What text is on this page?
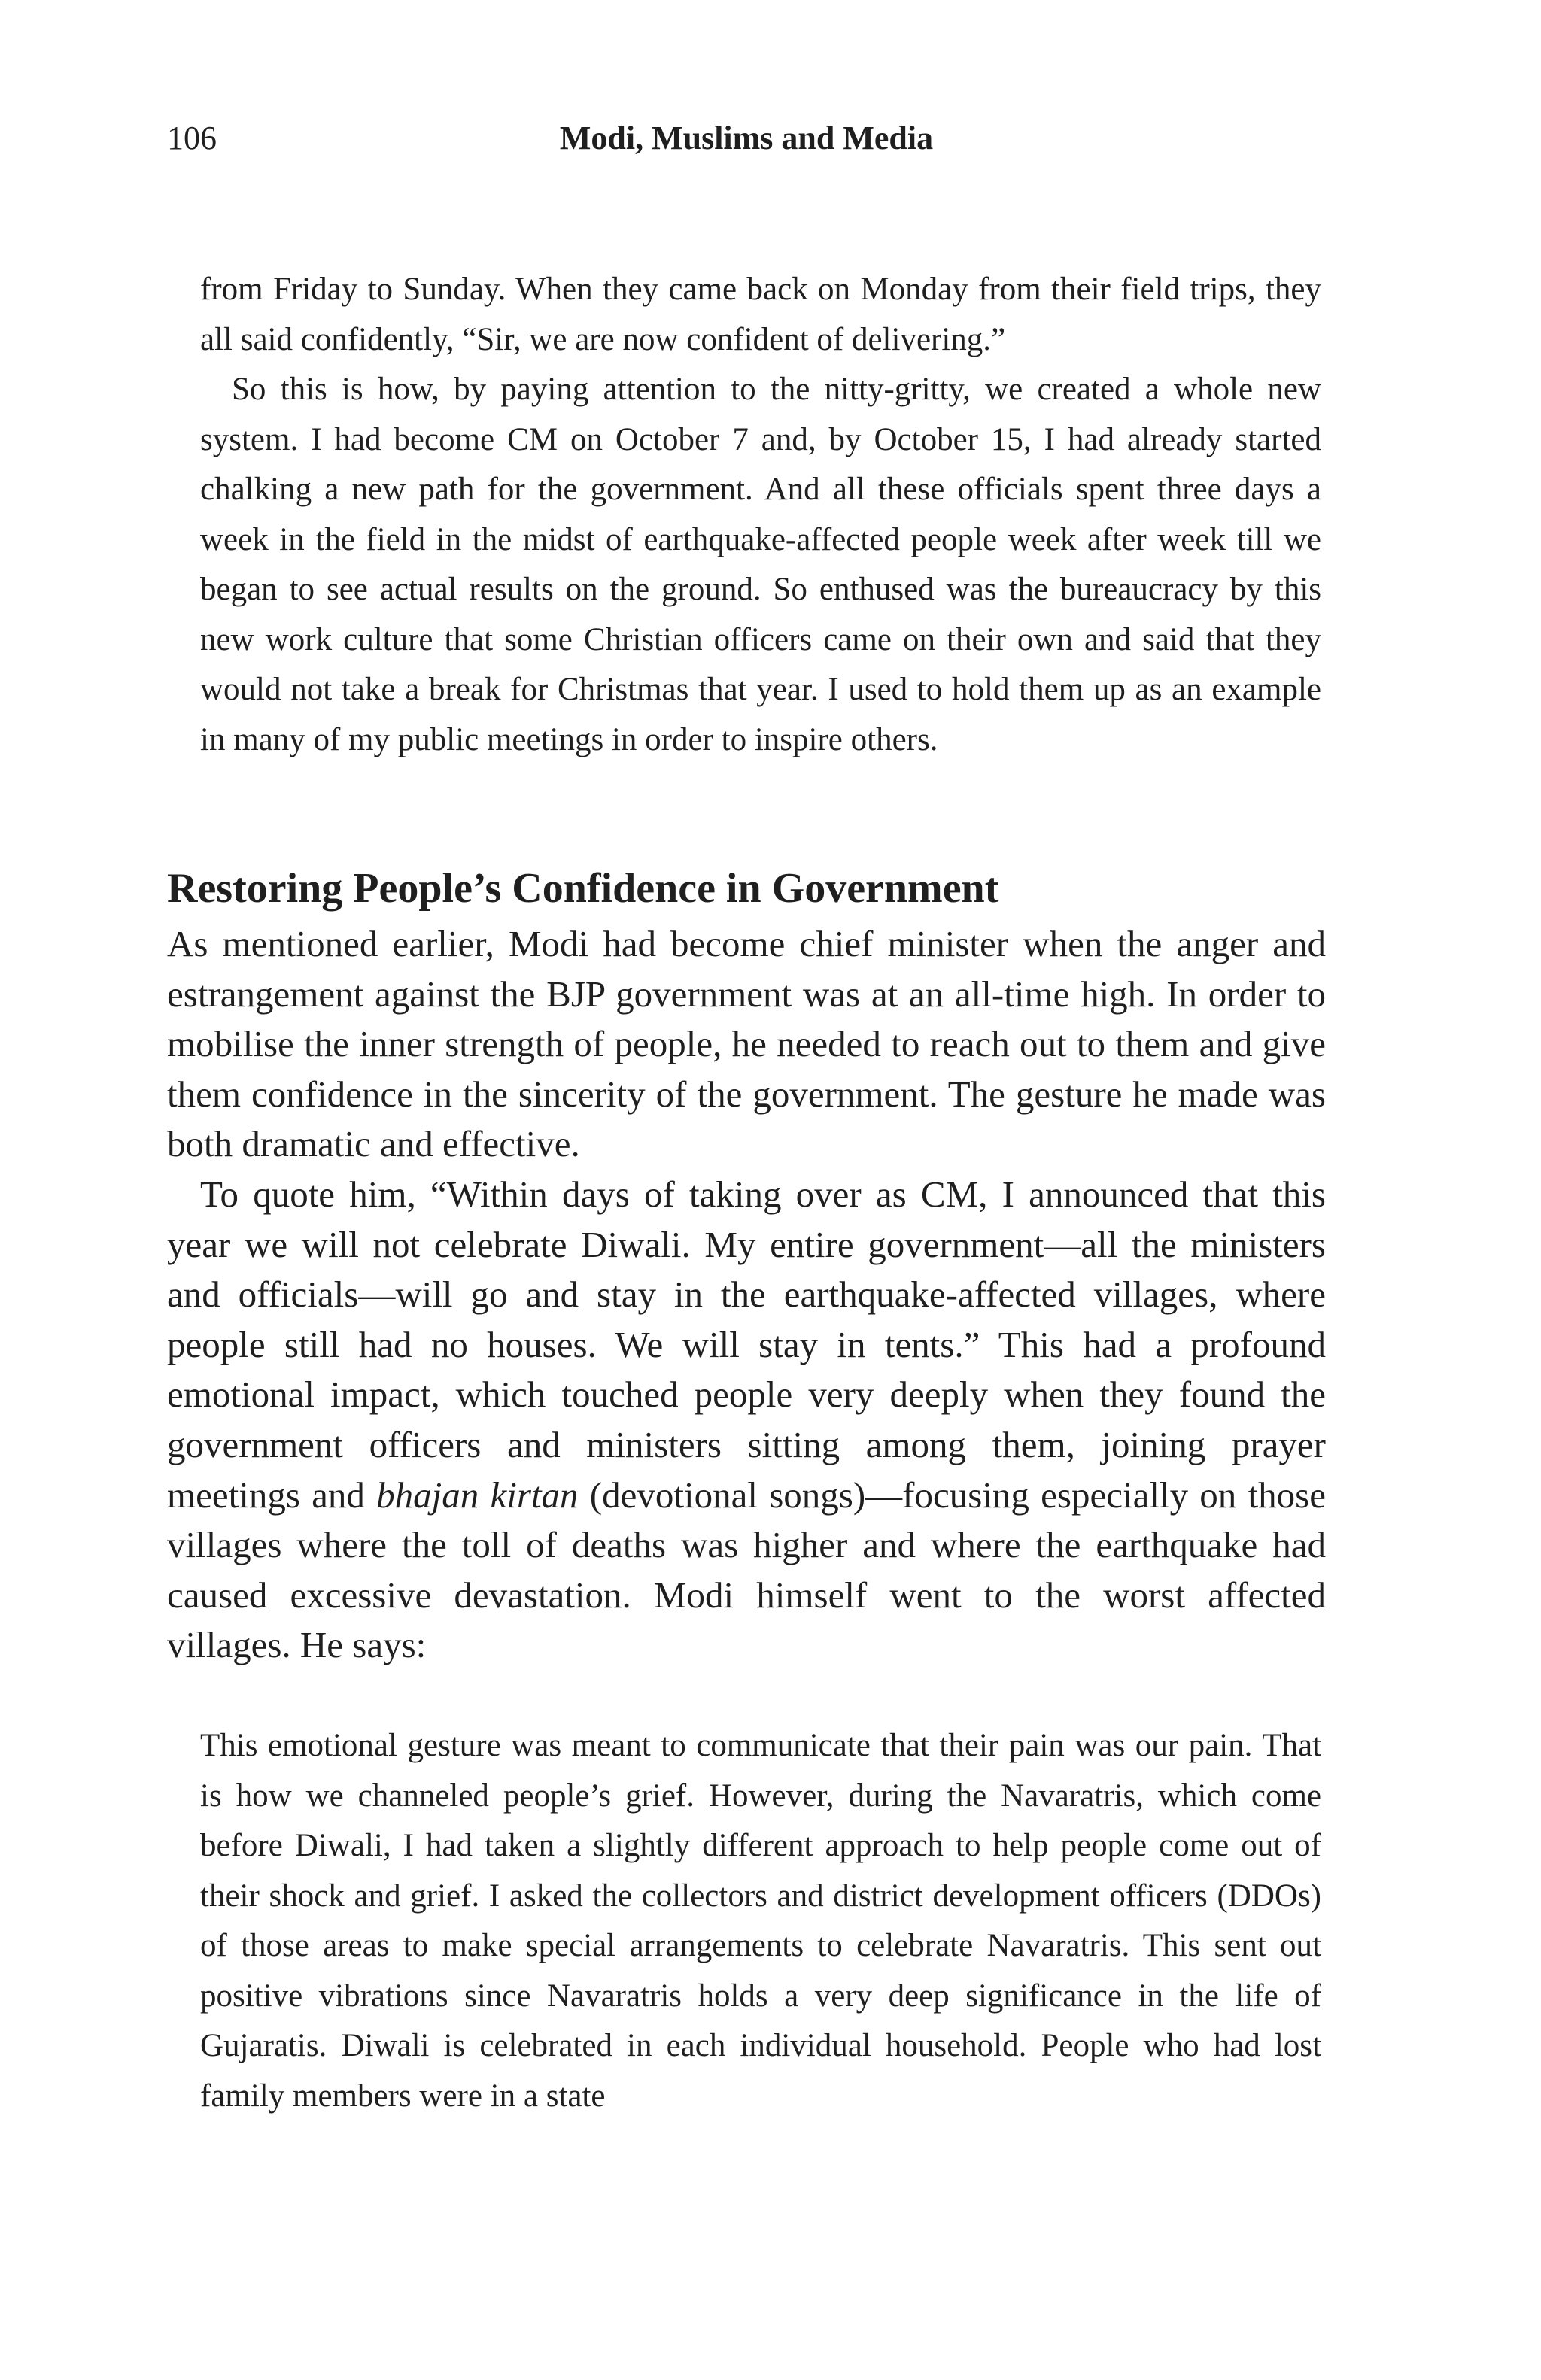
106	Modi, Muslims and Media

from Friday to Sunday. When they came back on Monday from their field trips, they all said confidently, “Sir, we are now confident of delivering.”

So this is how, by paying attention to the nitty-gritty, we created a whole new system. I had become CM on October 7 and, by October 15, I had already started chalking a new path for the government. And all these officials spent three days a week in the field in the midst of earthquake-affected people week after week till we began to see actual results on the ground. So enthused was the bureaucracy by this new work culture that some Christian officers came on their own and said that they would not take a break for Christmas that year. I used to hold them up as an example in many of my public meetings in order to inspire others.

Restoring People’s Confidence in Government

As mentioned earlier, Modi had become chief minister when the anger and estrangement against the BJP government was at an all-time high. In order to mobilise the inner strength of people, he needed to reach out to them and give them confidence in the sincerity of the government. The gesture he made was both dramatic and effective.

To quote him, “Within days of taking over as CM, I announced that this year we will not celebrate Diwali. My entire government—all the ministers and officials—will go and stay in the earthquake-affected villages, where people still had no houses. We will stay in tents.” This had a profound emotional impact, which touched people very deeply when they found the government officers and ministers sitting among them, joining prayer meetings and bhajan kirtan (devotional songs)—focusing especially on those villages where the toll of deaths was higher and where the earthquake had caused excessive devastation. Modi himself went to the worst affected villages. He says:

This emotional gesture was meant to communicate that their pain was our pain. That is how we channeled people’s grief. However, during the Navaratris, which come before Diwali, I had taken a slightly different approach to help people come out of their shock and grief. I asked the collectors and district development officers (DDOs) of those areas to make special arrangements to celebrate Navaratris. This sent out positive vibrations since Navaratris holds a very deep significance in the life of Gujaratis. Diwali is celebrated in each individual household. People who had lost family members were in a state
